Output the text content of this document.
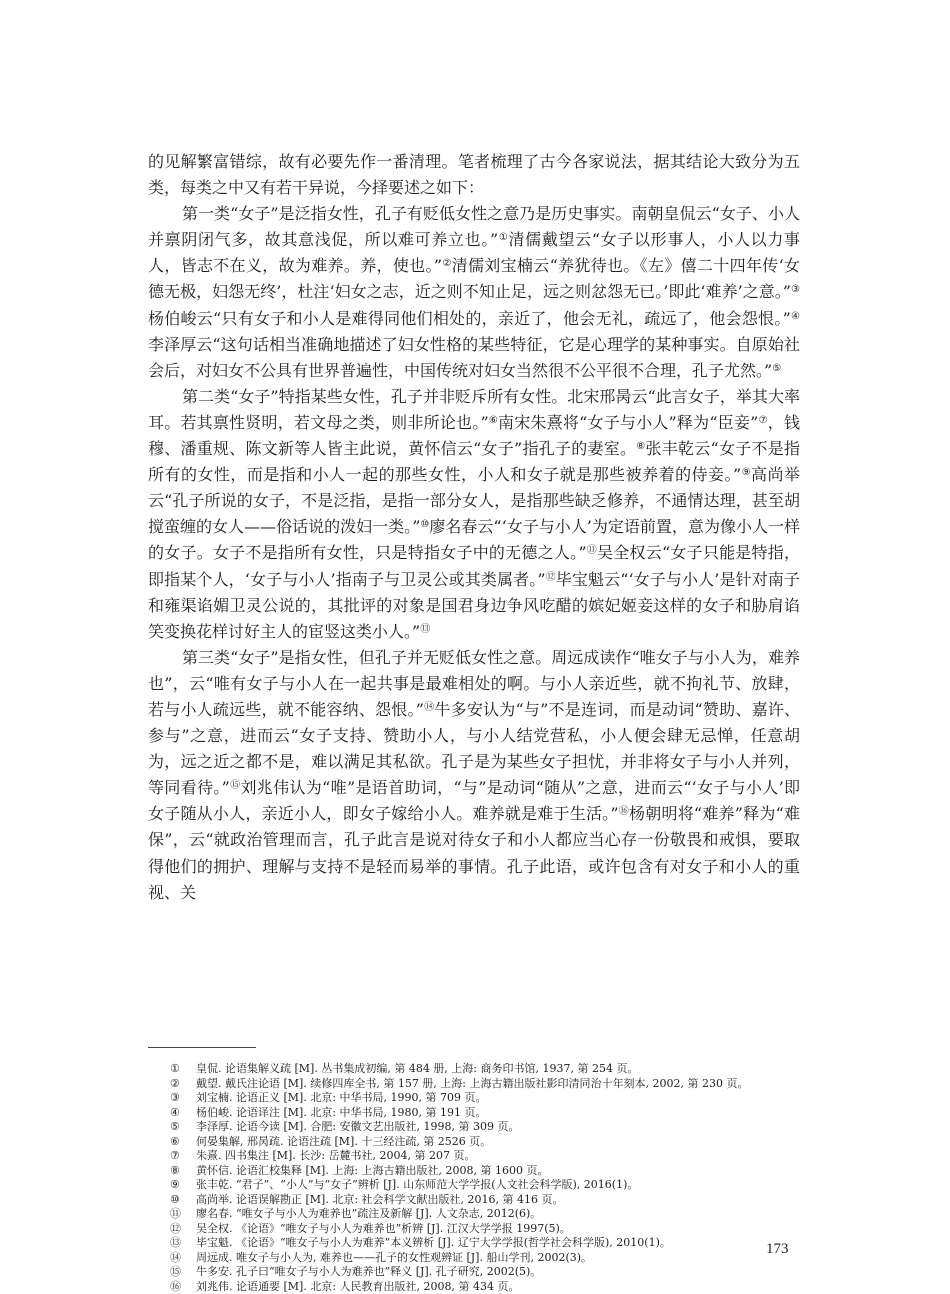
的见解繁富错综，故有必要先作一番清理。笔者梳理了古今各家说法，据其结论大致分为五类，每类之中又有若干异说，今择要述之如下：

第一类“女子”是泛指女性，孔子有贬低女性之意乃是历史事实。南朝皇侃云“女子、小人并禀阴闭气多，故其意浅促，所以难可养立也。”①清儒戴望云“女子以形事人，小人以力事人，皆志不在义，故为难养。养，使也。”②清儒刘宝楠云“养犹待也。《左》僖二十四年传‘女德无极，妇怨无终’，杜注‘妇女之志，近之则不知止足，远之则忿怨无已。’即此‘难养’之意。”③杨伯峻云“只有女子和小人是难得同他们相处的，亲近了，他会无礼，疏远了，他会怨恨。”④李泽厚云“这句话相当准确地描述了妇女性格的某些特征，它是心理学的某种事实。自原始社会后，对妇女不公具有世界普遍性，中国传统对妇女当然很不公平很不合理，孔子尤然。”⑤

第二类“女子”特指某些女性，孔子并非贬斥所有女性。北宋邢昺云“此言女子，举其大率耳。若其禀性贤明，若文母之类，则非所论也。”⑥南宋朱熹将“女子与小人”释为“臣妾”⑦，钱穆、潘重规、陈文新等人皆主此说，黄怀信云“女子”指孔子的妻室。⑧张丰乾云“女子不是指所有的女性，而是指和小人一起的那些女性，小人和女子就是那些被养着的侍妾。”⑨高尚举云“孔子所说的女子，不是泛指，是指一部分女人，是指那些缺乏修养，不通情达理，甚至胡搅蛮缠的女人——俗话说的泼妇一类。”⑩廖名春云“‘女子与小人’为定语前置，意为像小人一样的女子。女子不是指所有女性，只是特指女子中的无德之人。”⑪吴全权云“女子只能是特指，即指某个人，‘女子与小人’指南子与卫灵公或其类属者。”⑫毕宝魁云“‘女子与小人’是针对南子和雍渠谄媚卫灵公说的，其批评的对象是国君身边争风吃醋的嫔妃姬妾这样的女子和胁肩谄笑变换花样讨好主人的宦竖这类小人。”⑬

第三类“女子”是指女性，但孔子并无贬低女性之意。周远成读作“唯女子与小人为，难养也”，云“唯有女子与小人在一起共事是最难相处的啊。与小人亲近些，就不拘礼节、放肆，若与小人疏远些，就不能容纳、怨恨。”⑭牛多安认为“与”不是连词，而是动词“赞助、嘉许、参与”之意，进而云“女子支持、赞助小人，与小人结党营私，小人便会肆无忌惮，任意胡为，远之近之都不是，难以满足其私欲。孔子是为某些女子担忧，并非将女子与小人并列，等同看待。”⑮刘兆伟认为“唯”是语首助词，“与”是动词“随从”之意，进而云“‘女子与小人’即女子随从小人，亲近小人，即女子嫁给小人。难养就是难于生活。”⑯杨朝明将“难养”释为“难保”，云“就政治管理而言，孔子此言是说对待女子和小人都应当心存一份敬畏和戒惧，要取得他们的拥护、理解与支持不是轻而易举的事情。孔子此语，或许包含有对女子和小人的重视、关

①	皇侃. 论语集解义疏 [M]. 丛书集成初编, 第 484 册, 上海: 商务印书馆, 1937, 第 254 页。
②	戴望. 戴氏注论语 [M]. 续修四库全书, 第 157 册, 上海: 上海古籍出版社影印清同治十年刻本, 2002, 第 230 页。
③	刘宝楠. 论语正义 [M]. 北京: 中华书局, 1990, 第 709 页。
④	杨伯峻. 论语译注 [M]. 北京: 中华书局, 1980, 第 191 页。
⑤	李泽厚. 论语今读 [M]. 合肥: 安徽文艺出版社, 1998, 第 309 页。
⑥	何晏集解, 邢昺疏. 论语注疏 [M]. 十三经注疏, 第 2526 页。
⑦	朱熹. 四书集注 [M]. 长沙: 岳麓书社, 2004, 第 207 页。
⑧	黄怀信. 论语汇校集释 [M]. 上海: 上海古籍出版社, 2008, 第 1600 页。
⑨	张丰乾. “君子”、“小人”与“女子”辨析 [J]. 山东师范大学学报(人文社会科学版), 2016(1)。
⑩	高尚举. 论语误解勘正 [M]. 北京: 社会科学文献出版社, 2016, 第 416 页。
⑪	廖名春. “唯女子与小人为难养也”疏注及新解 [J]. 人文杂志, 2012(6)。
⑫	吴全权. 《论语》“唯女子与小人为难养也”析辨 [J]. 江汉大学学报 1997(5)。
⑬	毕宝魁. 《论语》“唯女子与小人为难养”本义辨析 [J]. 辽宁大学学报(哲学社会科学版), 2010(1)。
⑭	周远成. 唯女子与小人为, 难养也——孔子的女性观辨证 [J]. 船山学刊, 2002(3)。
⑮	牛多安. 孔子曰“唯女子与小人为难养也”释义 [J]. 孔子研究, 2002(5)。
⑯	刘兆伟. 论语通要 [M]. 北京: 人民教育出版社, 2008, 第 434 页。
173
